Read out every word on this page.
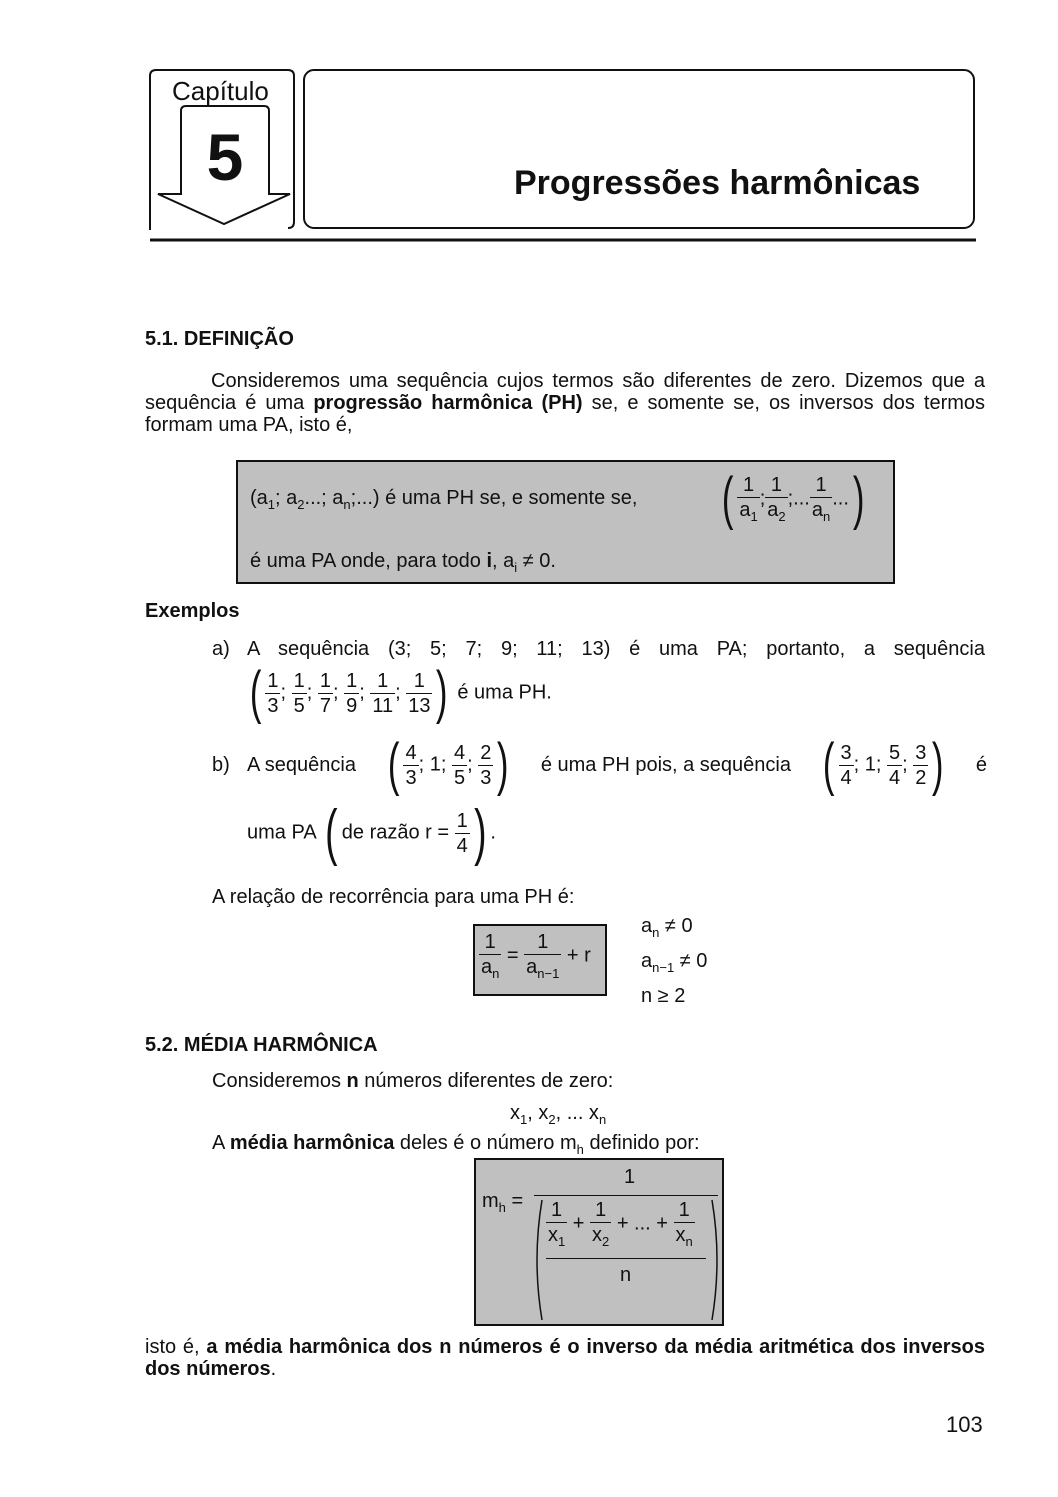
Capítulo
5	Progressões harmônicas
5.1. DEFINIÇÃO
Consideremos uma sequência cujos termos são diferentes de zero. Dizemos que a sequência é uma progressão harmônica (PH) se, e somente se, os inversos dos termos formam uma PA, isto é,
($a_1$; $a_2$...; $a_n$;...) é uma PH se, e somente se, ( $\frac{1}{a_1}$ ; $\frac{1}{a_2}$ ;... $\frac{1}{a_n}$ ...)
é uma PA onde, para todo i, $a_i \ne 0$.
Exemplos
a) A sequência (3; 5; 7; 9; 11; 13) é uma PA; portanto, a sequência
( $\frac{1}{3}$ ; $\frac{1}{5}$ ; $\frac{1}{7}$ ; $\frac{1}{9}$ ; $\frac{1}{11}$ ; $\frac{1}{13}$ ) é uma PH.
b) A sequência ( $\frac{4}{3}$ ; 1; $\frac{4}{5}$ ; $\frac{2}{3}$ ) é uma PH pois, a sequência ( $\frac{3}{4}$ ; 1; $\frac{5}{4}$ ; $\frac{3}{2}$ ) é
uma PA ( de razão $r = \frac{1}{4}$ ) .
A relação de recorrência para uma PH é:
$\frac{1}{a_n} = \frac{1}{a_{n-1}} + r$
$a_n \ne 0$
$a_{n-1} \ne 0$
n ≥ 2
5.2. MÉDIA HARMÔNICA
Consideremos n números diferentes de zero:
$x_1$, $x_2$, ... $x_n$
A média harmônica deles é o número $m_h$ definido por:
$m_h$ =
1
$\frac{1}{x_1} + \frac{1}{x_2}$ + ... + $\frac{1}{x_n}$
n
isto é, a média harmônica dos n números é o inverso da média aritmética dos inversos dos números.
103
